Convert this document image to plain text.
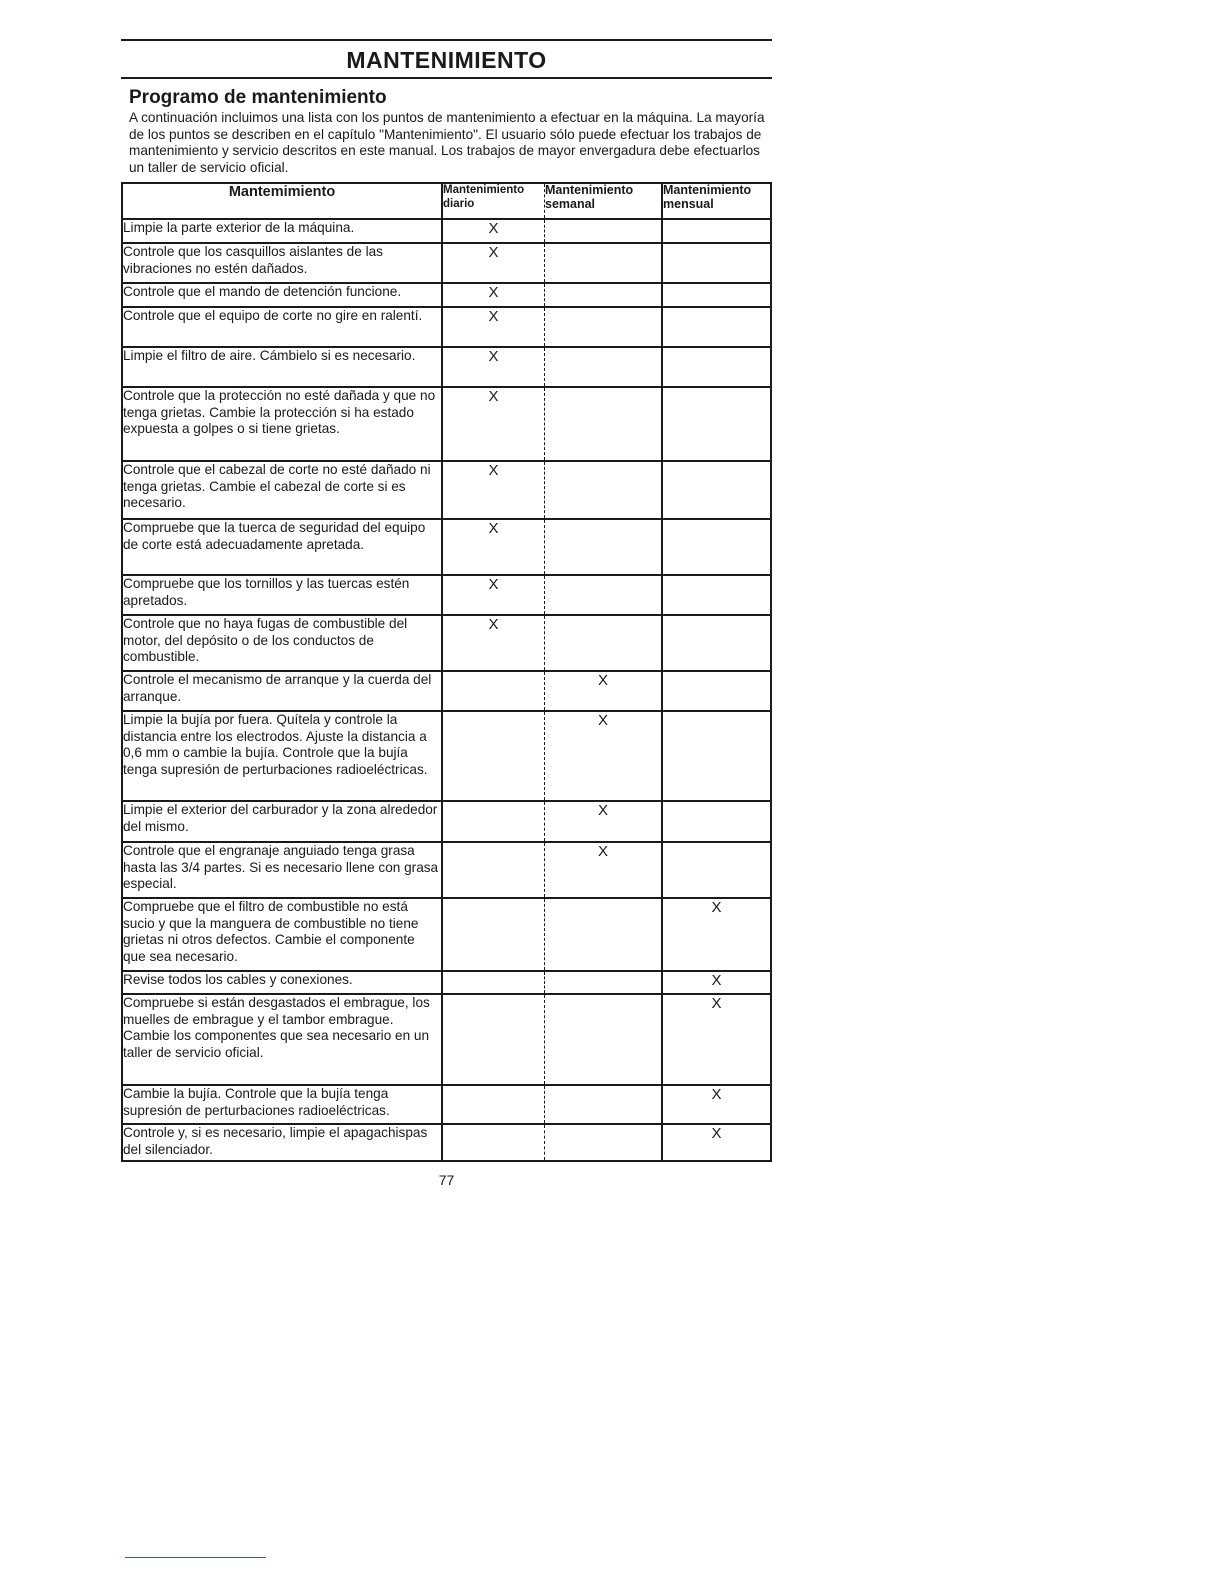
MANTENIMIENTO
Programo de mantenimiento
A continuación incluimos una lista con los puntos de mantenimiento a efectuar en la máquina. La mayoría de los puntos se describen en el capítulo "Mantenimiento". El usuario sólo puede efectuar los trabajos de mantenimiento y servicio descritos en este manual. Los trabajos de mayor envergadura debe efectuarlos un taller de servicio oficial.
Mantemimiento	Mantenimiento diario	Mantenimiento semanal	Mantenimiento mensual
Limpie la parte exterior de la máquina.	X		
Controle que los casquillos aislantes de las vibraciones no estén dañados.	X		
Controle que el mando de detención funcione.	X		
Controle que el equipo de corte no gire en ralentí.	X		
Limpie el filtro de aire. Cámbielo si es necesario.	X		
Controle que la protección no esté dañada y que no tenga grietas. Cambie la protección si ha estado expuesta a golpes o si tiene grietas.	X		
Controle que el cabezal de corte no esté dañado ni tenga grietas. Cambie el cabezal de corte si es necesario.	X		
Compruebe que la tuerca de seguridad del equipo de corte está adecuadamente apretada.	X		
Compruebe que los tornillos y las tuercas estén apretados.	X		
Controle que no haya fugas de combustible del motor, del depósito o de los conductos de combustible.	X		
Controle el mecanismo de arranque y la cuerda del arranque.		X	
Limpie la bujía por fuera. Quítela y controle la distancia entre los electrodos. Ajuste la distancia a 0,6 mm o cambie la bujía. Controle que la bujía tenga supresión de perturbaciones radioeléctricas.		X	
Limpie el exterior del carburador y la zona alrededor del mismo.		X	
Controle que el engranaje anguiado tenga grasa hasta las 3/4 partes. Si es necesario llene con grasa especial.		X	
Compruebe que el filtro de combustible no está sucio y que la manguera de combustible no tiene grietas ni otros defectos. Cambie el componente que sea necesario.			X
Revise todos los cables y conexiones.			X
Compruebe si están desgastados el embrague, los muelles de embrague y el tambor embrague. Cambie los componentes que sea necesario en un taller de servicio oficial.			X
Cambie la bujía. Controle que la bujía tenga supresión de perturbaciones radioeléctricas.			X
Controle y, si es necesario, limpie el apagachispas del silenciador.			X
77
